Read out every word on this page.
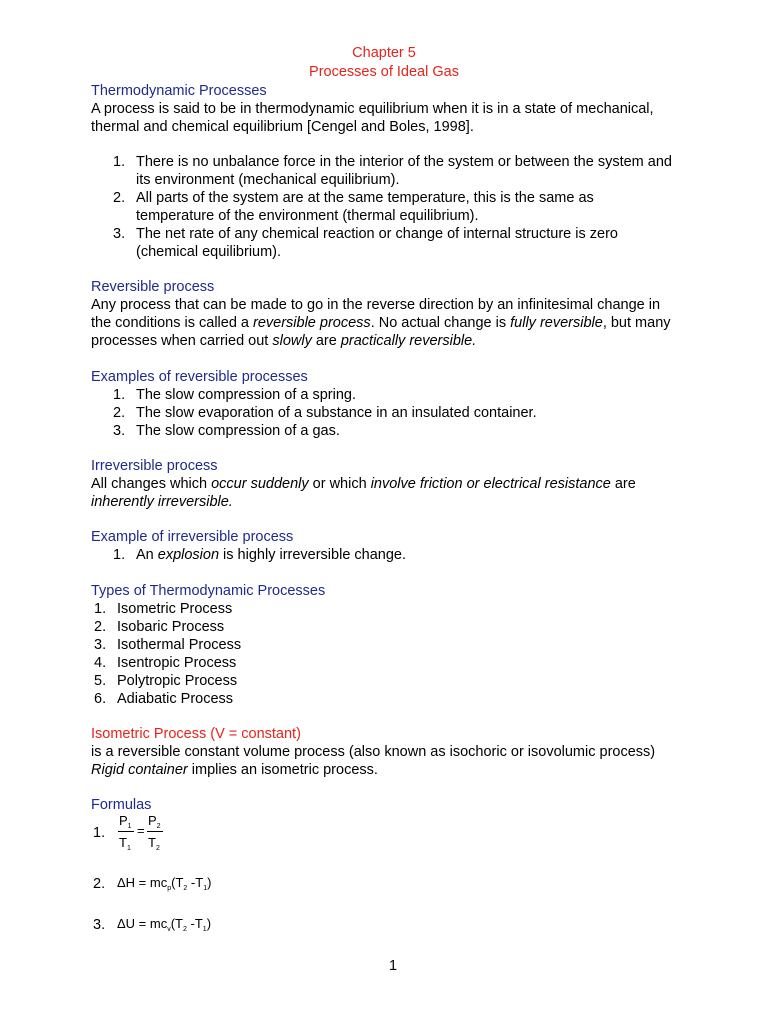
Chapter 5
Processes of Ideal Gas
Thermodynamic Processes
A process is said to be in thermodynamic equilibrium when it is in a state of mechanical,
thermal and chemical equilibrium [Cengel and Boles, 1998].
1. There is no unbalance force in the interior of the system or between the system and
its environment (mechanical equilibrium).
2. All parts of the system are at the same temperature, this is the same as
temperature of the environment (thermal equilibrium).
3. The net rate of any chemical reaction or change of internal structure is zero
(chemical equilibrium).
Reversible process
Any process that can be made to go in the reverse direction by an infinitesimal change in
the conditions is called a reversible process. No actual change is fully reversible, but many
processes when carried out slowly are practically reversible.
Examples of reversible processes
1. The slow compression of a spring.
2. The slow evaporation of a substance in an insulated container.
3. The slow compression of a gas.
Irreversible process
All changes which occur suddenly or which involve friction or electrical resistance are
inherently irreversible.
Example of irreversible process
1. An explosion is highly irreversible change.
Types of Thermodynamic Processes
1. Isometric Process
2. Isobaric Process
3. Isothermal Process
4. Isentropic Process
5. Polytropic Process
6. Adiabatic Process
Isometric Process (V = constant)
is a reversible constant volume process (also known as isochoric or isovolumic process)
Rigid container implies an isometric process.
Formulas
1.
$P_1$
$T_1$
=
$P_2$
$T_2$
2. $\Delta H = mc_p(T_2$ $-T_1$)
3. $\Delta U = mc_v(T_2$ $-T_1$)
1
